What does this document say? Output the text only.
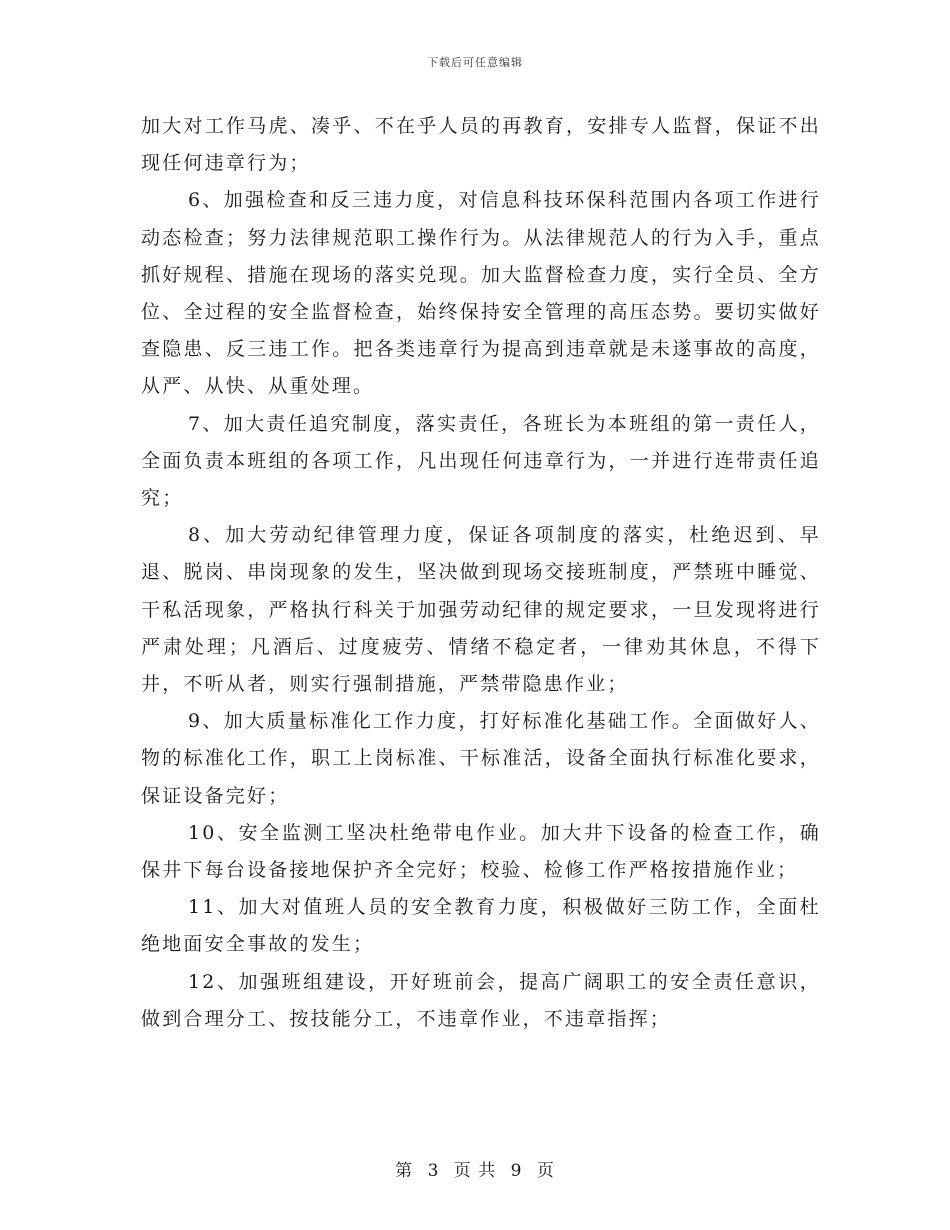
下载后可任意编辑

加大对工作马虎、凑乎、不在乎人员的再教育，安排专人监督，保证不出现任何违章行为；

6、加强检查和反三违力度，对信息科技环保科范围内各项工作进行动态检查；努力法律规范职工操作行为。从法律规范人的行为入手，重点抓好规程、措施在现场的落实兑现。加大监督检查力度，实行全员、全方位、全过程的安全监督检查，始终保持安全管理的高压态势。要切实做好查隐患、反三违工作。把各类违章行为提高到违章就是未遂事故的高度，从严、从快、从重处理。

7、加大责任追究制度，落实责任，各班长为本班组的第一责任人，全面负责本班组的各项工作，凡出现任何违章行为，一并进行连带责任追究；

8、加大劳动纪律管理力度，保证各项制度的落实，杜绝迟到、早退、脱岗、串岗现象的发生，坚决做到现场交接班制度，严禁班中睡觉、干私活现象，严格执行科关于加强劳动纪律的规定要求，一旦发现将进行严肃处理；凡酒后、过度疲劳、情绪不稳定者，一律劝其休息，不得下井，不听从者，则实行强制措施，严禁带隐患作业；

9、加大质量标准化工作力度，打好标准化基础工作。全面做好人、物的标准化工作，职工上岗标准、干标准活，设备全面执行标准化要求，保证设备完好；

10、安全监测工坚决杜绝带电作业。加大井下设备的检查工作，确保井下每台设备接地保护齐全完好；校验、检修工作严格按措施作业；

11、加大对值班人员的安全教育力度，积极做好三防工作，全面杜绝地面安全事故的发生；

12、加强班组建设，开好班前会，提高广阔职工的安全责任意识，做到合理分工、按技能分工，不违章作业，不违章指挥；

第 3 页 共 9 页
